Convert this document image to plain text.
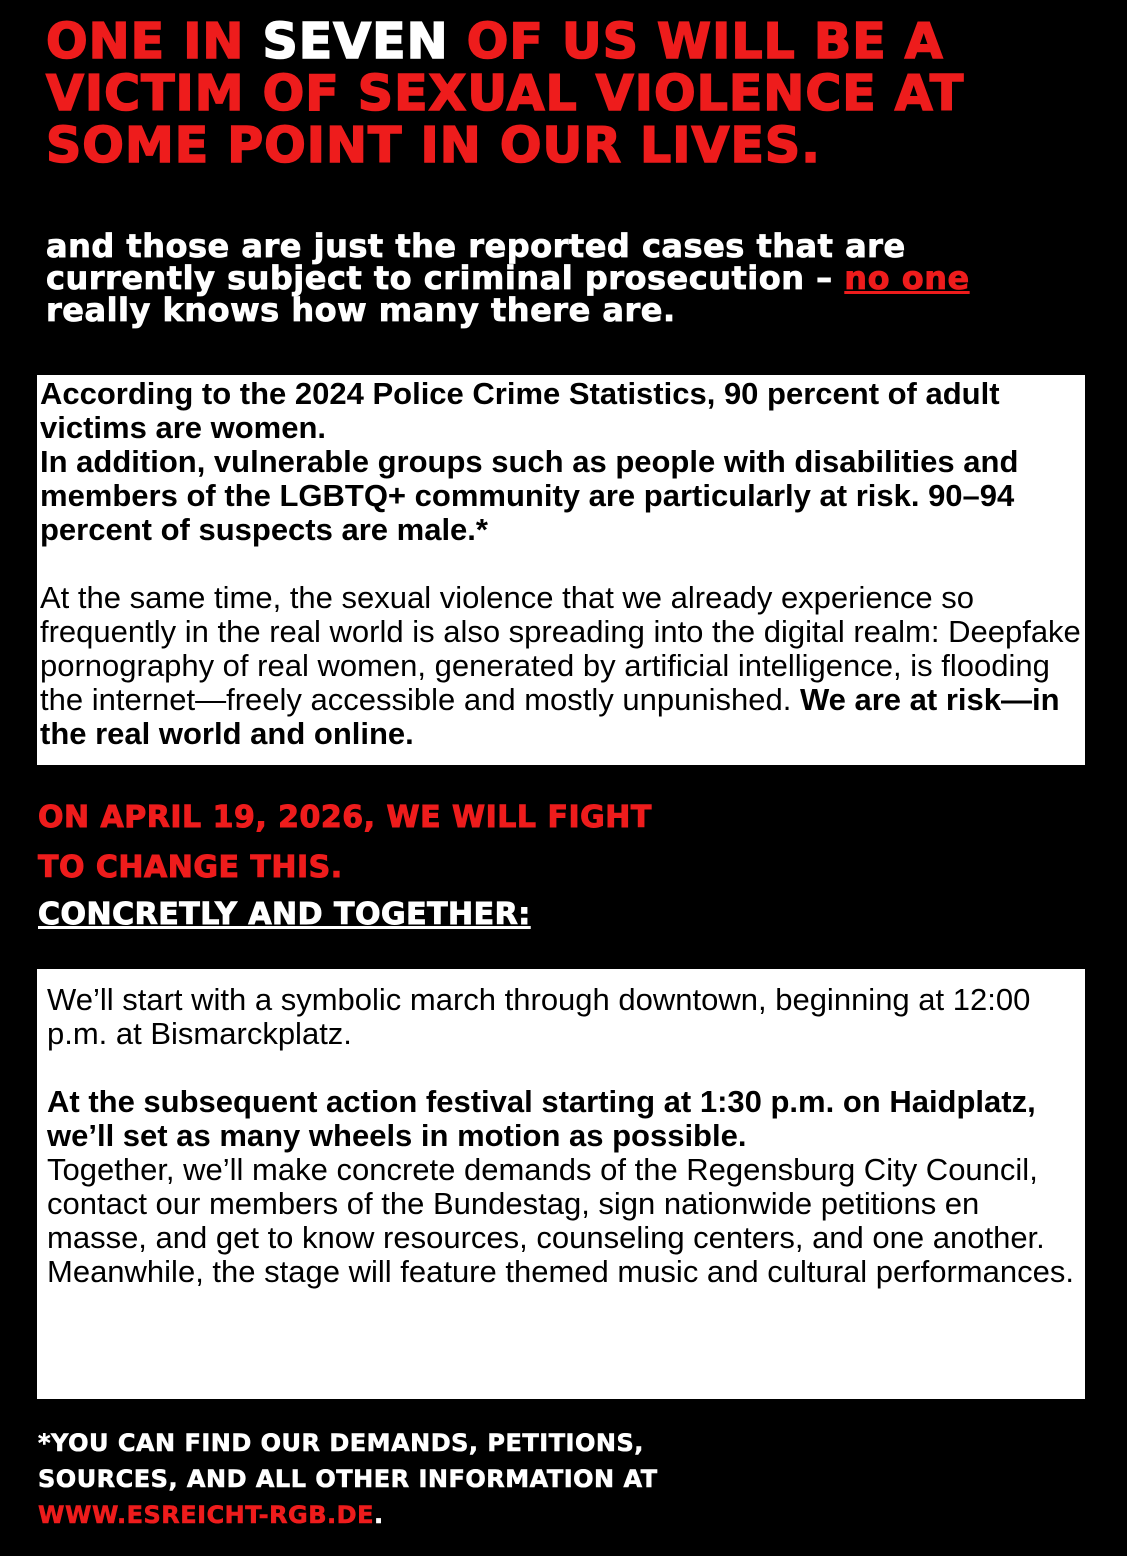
ONE IN SEVEN OF US WILL BE A VICTIM OF SEXUAL VIOLENCE AT SOME POINT IN OUR LIVES.

and those are just the reported cases that are currently subject to criminal prosecution – no one really knows how many there are.

According to the 2024 Police Crime Statistics, 90 percent of adult victims are women.

In addition, vulnerable groups such as people with disabilities and members of the LGBTQ+ community are particularly at risk. 90–94 percent of suspects are male.*

At the same time, the sexual violence that we already experience so frequently in the real world is also spreading into the digital realm: Deepfake pornography of real women, generated by artificial intelligence, is flooding the internet—freely accessible and mostly unpunished. We are at risk—in the real world and online.

ON APRIL 19, 2026, WE WILL FIGHT
TO CHANGE THIS.
CONCRETLY AND TOGETHER:

We’ll start with a symbolic march through downtown, beginning at 12:00 p.m. at Bismarckplatz.

At the subsequent action festival starting at 1:30 p.m. on Haidplatz, we’ll set as many wheels in motion as possible.

Together, we’ll make concrete demands of the Regensburg City Council, contact our members of the Bundestag, sign nationwide petitions en masse, and get to know resources, counseling centers, and one another. Meanwhile, the stage will feature themed music and cultural performances.

*YOU CAN FIND OUR DEMANDS, PETITIONS,
SOURCES, AND ALL OTHER INFORMATION AT
WWW.ESREICHT-RGB.DE.
